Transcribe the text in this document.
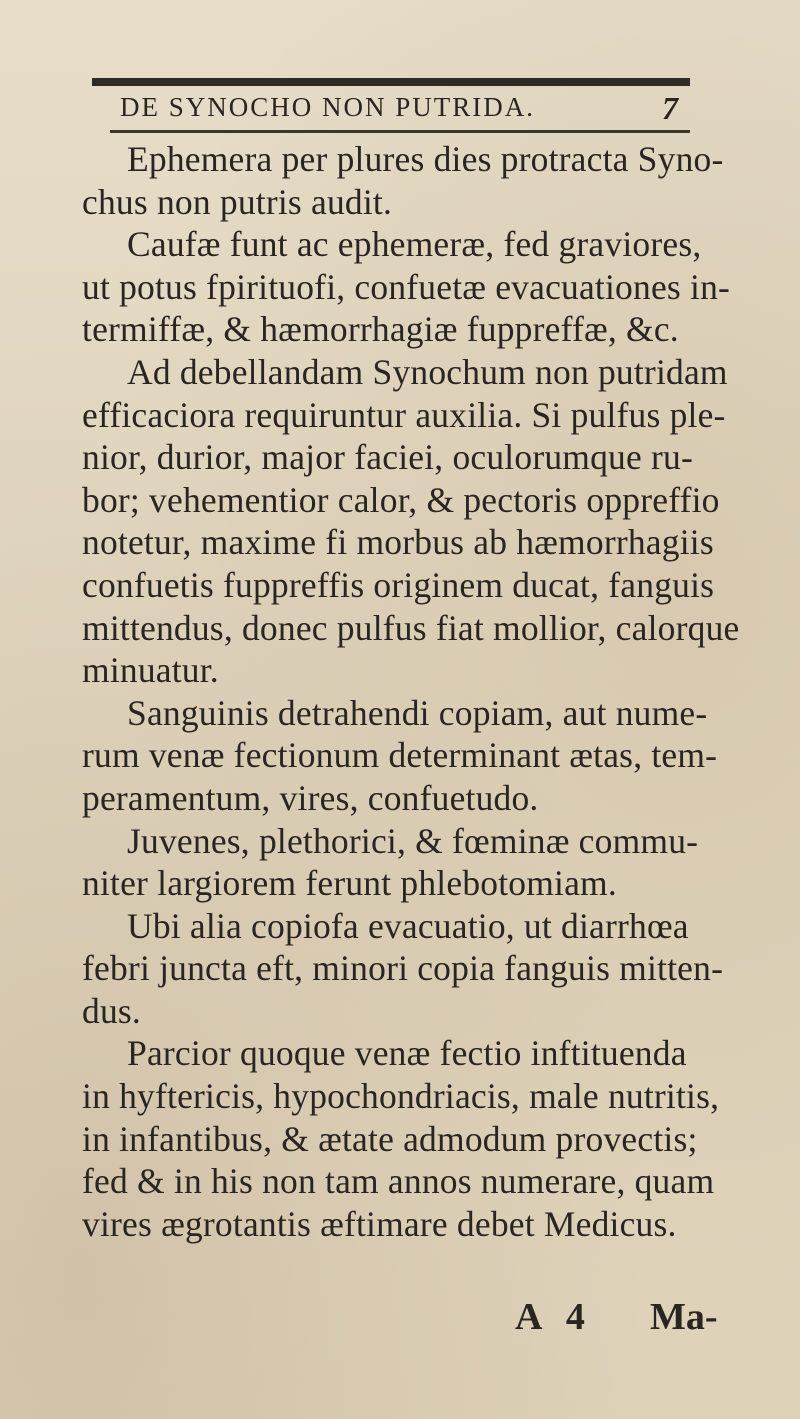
DE SYNOCHO NON PUTRIDA.	7
Ephemera per plures dies protracta Syno-
chus non putris audit.
Caufæ funt ac ephemeræ, fed graviores,
ut potus fpirituofi, confuetæ evacuationes in-
termiffæ, & hæmorrhagiæ fuppreffæ, &c.
Ad debellandam Synochum non putridam
efficaciora requiruntur auxilia. Si pulfus ple-
nior, durior, major faciei, oculorumque ru-
bor; vehementior calor, & pectoris oppreffio
notetur, maxime fi morbus ab hæmorrhagiis
confuetis fuppreffis originem ducat, fanguis
mittendus, donec pulfus fiat mollior, calorque
minuatur.
Sanguinis detrahendi copiam, aut nume-
rum venæ fectionum determinant ætas, tem-
peramentum, vires, confuetudo.
Juvenes, plethorici, & fœminæ commu-
niter largiorem ferunt phlebotomiam.
Ubi alia copiofa evacuatio, ut diarrhœa
febri juncta eft, minori copia fanguis mitten-
dus.
Parcior quoque venæ fectio inftituenda
in hyftericis, hypochondriacis, male nutritis,
in infantibus, & ætate admodum provectis;
fed & in his non tam annos numerare, quam
vires ægrotantis æftimare debet Medicus.
A 4 Ma-
